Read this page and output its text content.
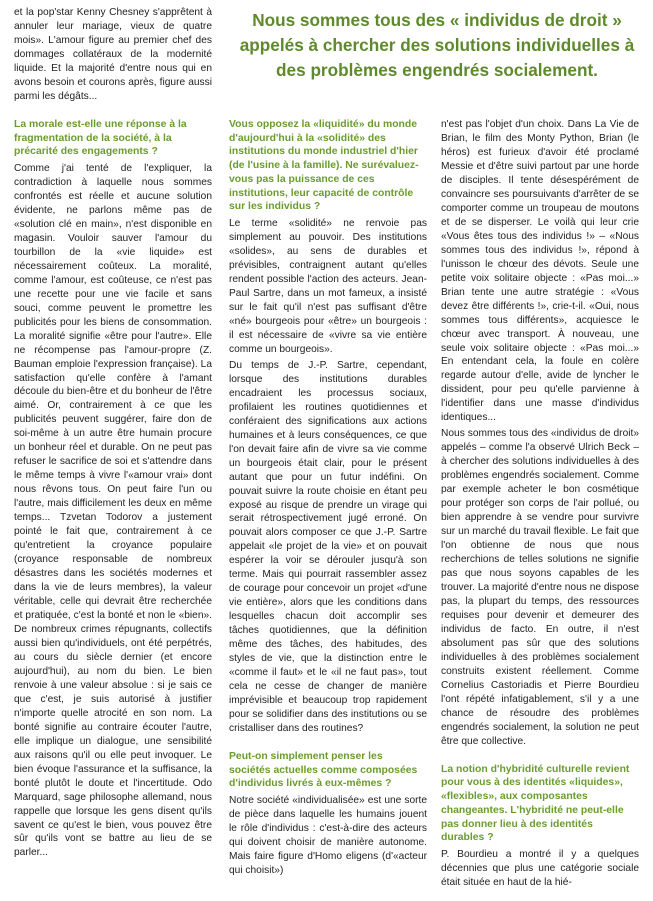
Nous sommes tous des « individus de droit » appelés à chercher des solutions individuelles à des problèmes engendrés socialement.

et la pop'star Kenny Chesney s'apprêtent à annuler leur mariage, vieux de quatre mois». L'amour figure au premier chef des dommages collatéraux de la modernité liquide. Et la majorité d'entre nous qui en avons besoin et courons après, figure aussi parmi les dégâts...

La morale est-elle une réponse à la fragmentation de la société, à la précarité des engagements ?

Comme j'ai tenté de l'expliquer, la contradiction à laquelle nous sommes confrontés est réelle et aucune solution évidente, ne parlons même pas de «solution clé en main», n'est disponible en magasin. Vouloir sauver l'amour du tourbillon de la «vie liquide» est nécessairement coûteux. La moralité, comme l'amour, est coûteuse, ce n'est pas une recette pour une vie facile et sans souci, comme peuvent le promettre les publicités pour les biens de consommation. La moralité signifie «être pour l'autre». Elle ne récompense pas l'amour-propre (Z. Bauman emploie l'expression française). La satisfaction qu'elle confère à l'amant découle du bien-être et du bonheur de l'être aimé. Or, contrairement à ce que les publicités peuvent suggérer, faire don de soi-même à un autre être humain procure un bonheur réel et durable. On ne peut pas refuser le sacrifice de soi et s'attendre dans le même temps à vivre l'«amour vrai» dont nous rêvons tous. On peut faire l'un ou l'autre, mais difficilement les deux en même temps... Tzvetan Todorov a justement pointé le fait que, contrairement à ce qu'entretient la croyance populaire (croyance responsable de nombreux désastres dans les sociétés modernes et dans la vie de leurs membres), la valeur véritable, celle qui devrait être recherchée et pratiquée, c'est la bonté et non le «bien». De nombreux crimes répugnants, collectifs aussi bien qu'individuels, ont été perpétrés, au cours du siècle dernier (et encore aujourd'hui), au nom du bien. Le bien renvoie à une valeur absolue : si je sais ce que c'est, je suis autorisé à justifier n'importe quelle atrocité en son nom. La bonté signifie au contraire écouter l'autre, elle implique un dialogue, une sensibilité aux raisons qu'il ou elle peut invoquer. Le bien évoque l'assurance et la suffisance, la bonté plutôt le doute et l'incertitude. Odo Marquard, sage philosophe allemand, nous rappelle que lorsque les gens disent qu'ils savent ce qu'est le bien, vous pouvez être sûr qu'ils vont se battre au lieu de se parler...

Vous opposez la «liquidité» du monde d'aujourd'hui à la «solidité» des institutions du monde industriel d'hier (de l'usine à la famille). Ne surévaluez-vous pas la puissance de ces institutions, leur capacité de contrôle sur les individus ?

Le terme «solidité» ne renvoie pas simplement au pouvoir. Des institutions «solides», au sens de durables et prévisibles, contraignent autant qu'elles rendent possible l'action des acteurs. Jean-Paul Sartre, dans un mot fameux, a insisté sur le fait qu'il n'est pas suffisant d'être «né» bourgeois pour «être» un bourgeois : il est nécessaire de «vivre sa vie entière comme un bourgeois».

Du temps de J.-P. Sartre, cependant, lorsque des institutions durables encadraient les processus sociaux, profilaient les routines quotidiennes et conféraient des significations aux actions humaines et à leurs conséquences, ce que l'on devait faire afin de vivre sa vie comme un bourgeois était clair, pour le présent autant que pour un futur indéfini. On pouvait suivre la route choisie en étant peu exposé au risque de prendre un virage qui serait rétrospectivement jugé erroné. On pouvait alors composer ce que J.-P. Sartre appelait «le projet de la vie» et on pouvait espérer la voir se dérouler jusqu'à son terme. Mais qui pourrait rassembler assez de courage pour concevoir un projet «d'une vie entière», alors que les conditions dans lesquelles chacun doit accomplir ses tâches quotidiennes, que la définition même des tâches, des habitudes, des styles de vie, que la distinction entre le «comme il faut» et le «il ne faut pas», tout cela ne cesse de changer de manière imprévisible et beaucoup trop rapidement pour se solidifier dans des institutions ou se cristalliser dans des routines?

Peut-on simplement penser les sociétés actuelles comme composées d'individus livrés à eux-mêmes ?

Notre société «individualisée» est une sorte de pièce dans laquelle les humains jouent le rôle d'individus : c'est-à-dire des acteurs qui doivent choisir de manière autonome. Mais faire figure d'Homo eligens (d'«acteur qui choisit»)

n'est pas l'objet d'un choix. Dans La Vie de Brian, le film des Monty Python, Brian (le héros) est furieux d'avoir été proclamé Messie et d'être suivi partout par une horde de disciples. Il tente désespérément de convaincre ses poursuivants d'arrêter de se comporter comme un troupeau de moutons et de se disperser. Le voilà qui leur crie «Vous êtes tous des individus !» – «Nous sommes tous des individus !», répond à l'unisson le chœur des dévots. Seule une petite voix solitaire objecte : «Pas moi...» Brian tente une autre stratégie : «Vous devez être différents !», crie-t-il. «Oui, nous sommes tous différents», acquiesce le chœur avec transport. À nouveau, une seule voix solitaire objecte : «Pas moi...» En entendant cela, la foule en colère regarde autour d'elle, avide de lyncher le dissident, pour peu qu'elle parvienne à l'identifier dans une masse d'individus identiques...

Nous sommes tous des «individus de droit» appelés – comme l'a observé Ulrich Beck – à chercher des solutions individuelles à des problèmes engendrés socialement. Comme par exemple acheter le bon cosmétique pour protéger son corps de l'air pollué, ou bien apprendre à se vendre pour survivre sur un marché du travail flexible. Le fait que l'on obtienne de nous que nous recherchions de telles solutions ne signifie pas que nous soyons capables de les trouver. La majorité d'entre nous ne dispose pas, la plupart du temps, des ressources requises pour devenir et demeurer des individus de facto. En outre, il n'est absolument pas sûr que des solutions individuelles à des problèmes socialement construits existent réellement. Comme Cornelius Castoriadis et Pierre Bourdieu l'ont répété infatigablement, s'il y a une chance de résoudre des problèmes engendrés socialement, la solution ne peut être que collective.

La notion d'hybridité culturelle revient pour vous à des identités «liquides», «flexibles», aux composantes changeantes. L'hybridité ne peut-elle pas donner lieu à des identités durables ?

P. Bourdieu a montré il y a quelques décennies que plus une catégorie sociale était située en haut de la hié-
